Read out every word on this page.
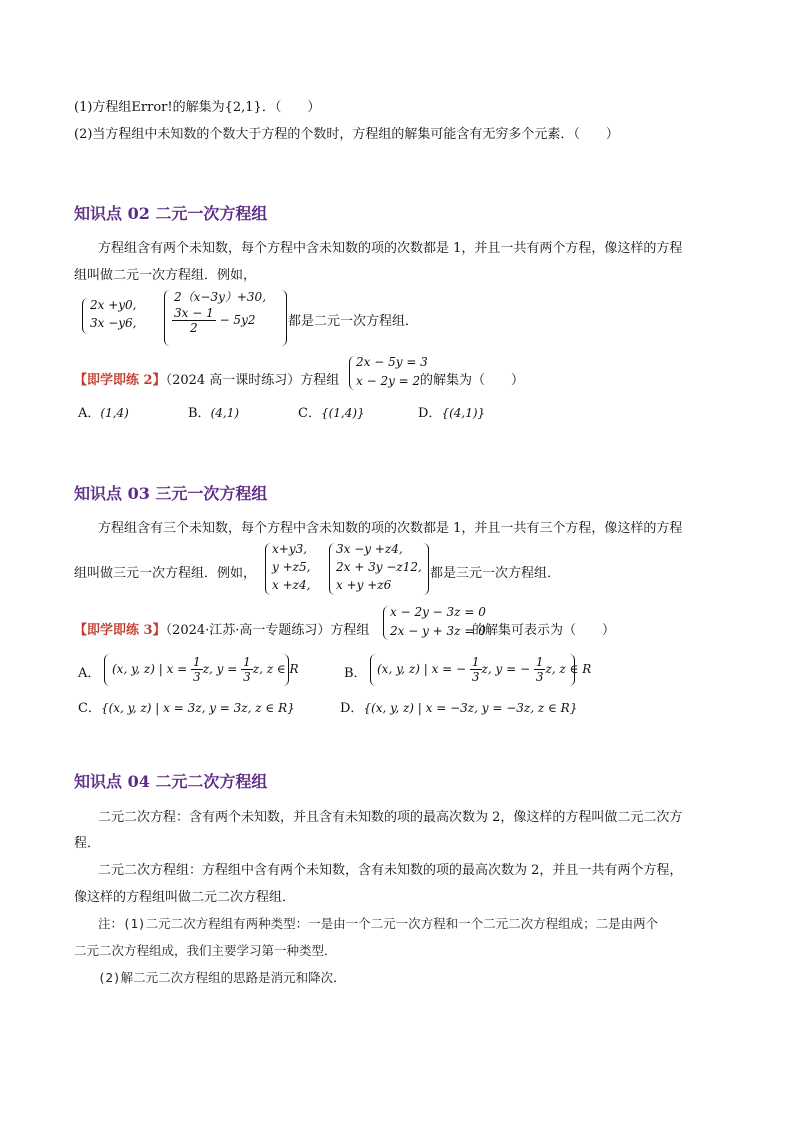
(1)方程组Error!的解集为{2,1}．（　　）
(2)当方程组中未知数的个数大于方程的个数时，方程组的解集可能含有无穷多个元素．（　　）
知识点 02 二元一次方程组
方程组含有两个未知数，每个方程中含未知数的项的次数都是 1，并且一共有两个方程，像这样的方程
组叫做二元一次方程组．例如，
2x +y0,
3x −y6,
2（x−3y）+30,
$\frac{3x - 1}{2} - 5y2$	都是二元一次方程组．
【即学即练 2】（2024 高一课时练习）方程组
2x − 5y = 3
x − 2y = 2 的解集为（　　）
A．(1,4)	B．(4,1)	C．{(1,4)}	D．{(4,1)}
知识点 03 三元一次方程组
方程组含有三个未知数，每个方程中含未知数的项的次数都是 1，并且一共有三个方程，像这样的方程
组叫做三元一次方程组．例如，
x+y3,
y +z5,
x +z4,
3x −y +z4,
2x + 3y −z12,
x +y +z6
都是三元一次方程组．
【即学即练 3】（2024·江苏·高一专题练习）方程组
x − 2y − 3z = 0
2x − y + 3z = 0
的解集可表示为（　　）
A． (x, y, z) | $x = \frac{1}{3} z$, $y = \frac{1}{3} z$, z ∈ R	B． (x, y, z) | x = − $\frac{1}{3} z$, y = − $\frac{1}{3} z$, z ∈ R
C．{(x, y, z) | x = 3z, y = 3z, z ∈ R}	D．{(x, y, z) | x = −3z, y = −3z, z ∈ R}
知识点 04 二元二次方程组
二元二次方程：含有两个未知数，并且含有未知数的项的最高次数为 2，像这样的方程叫做二元二次方
程．
二元二次方程组：方程组中含有两个未知数，含有未知数的项的最高次数为 2，并且一共有两个方程，
像这样的方程组叫做二元二次方程组．
注：(1)二元二次方程组有两种类型：一是由一个二元一次方程和一个二元二次方程组成；二是由两个
二元二次方程组成，我们主要学习第一种类型．
(2)解二元二次方程组的思路是消元和降次．
